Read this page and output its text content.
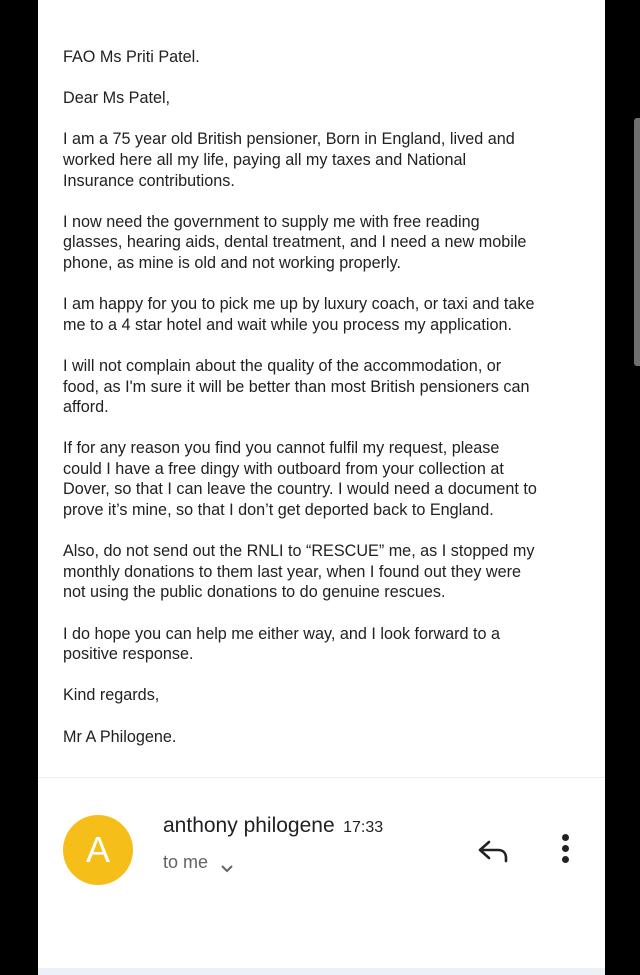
FAO Ms Priti Patel.

Dear Ms Patel,

I am a 75 year old British pensioner, Born in England, lived and
worked here all my life, paying all my taxes and National
Insurance contributions.

I now need the government to supply me with free reading
glasses, hearing aids, dental treatment, and I need a new mobile
phone, as mine is old and not working properly.

I am happy for you to pick me up by luxury coach, or taxi and take
me to a 4 star hotel and wait while you process my application.

I will not complain about the quality of the accommodation, or
food, as I'm sure it will be better than most British pensioners can
afford.

If for any reason you find you cannot fulfil my request, please
could I have a free dingy with outboard from your collection at
Dover, so that I can leave the country. I would need a document to
prove it’s mine, so that I don’t get deported back to England.

Also, do not send out the RNLI to “RESCUE” me, as I stopped my
monthly donations to them last year, when I found out they were
not using the public donations to do genuine rescues.

I do hope you can help me either way, and I look forward to a
positive response.

Kind regards,

Mr A Philogene.

A
anthony philogene 17:33
to me
